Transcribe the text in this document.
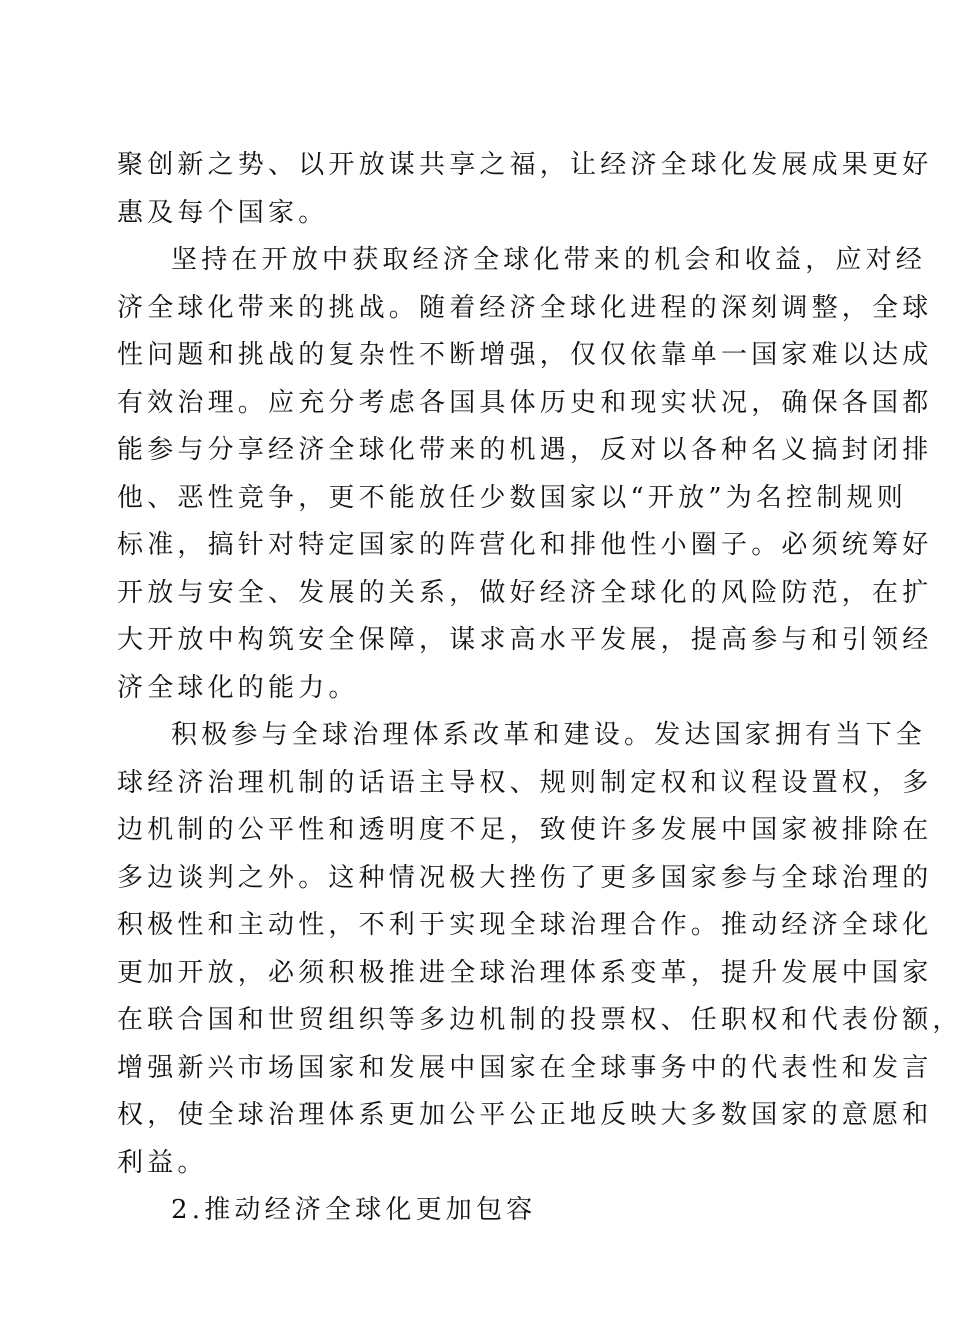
聚创新之势、以开放谋共享之福，让经济全球化发展成果更好
惠及每个国家。
坚持在开放中获取经济全球化带来的机会和收益，应对经
济全球化带来的挑战。随着经济全球化进程的深刻调整，全球
性问题和挑战的复杂性不断增强，仅仅依靠单一国家难以达成
有效治理。应充分考虑各国具体历史和现实状况，确保各国都
能参与分享经济全球化带来的机遇，反对以各种名义搞封闭排
他、恶性竞争，更不能放任少数国家以“开放”为名控制规则
标准，搞针对特定国家的阵营化和排他性小圈子。必须统筹好
开放与安全、发展的关系，做好经济全球化的风险防范，在扩
大开放中构筑安全保障，谋求高水平发展，提高参与和引领经
济全球化的能力。
积极参与全球治理体系改革和建设。发达国家拥有当下全
球经济治理机制的话语主导权、规则制定权和议程设置权，多
边机制的公平性和透明度不足，致使许多发展中国家被排除在
多边谈判之外。这种情况极大挫伤了更多国家参与全球治理的
积极性和主动性，不利于实现全球治理合作。推动经济全球化
更加开放，必须积极推进全球治理体系变革，提升发展中国家
在联合国和世贸组织等多边机制的投票权、任职权和代表份额，
增强新兴市场国家和发展中国家在全球事务中的代表性和发言
权，使全球治理体系更加公平公正地反映大多数国家的意愿和
利益。
2.推动经济全球化更加包容
